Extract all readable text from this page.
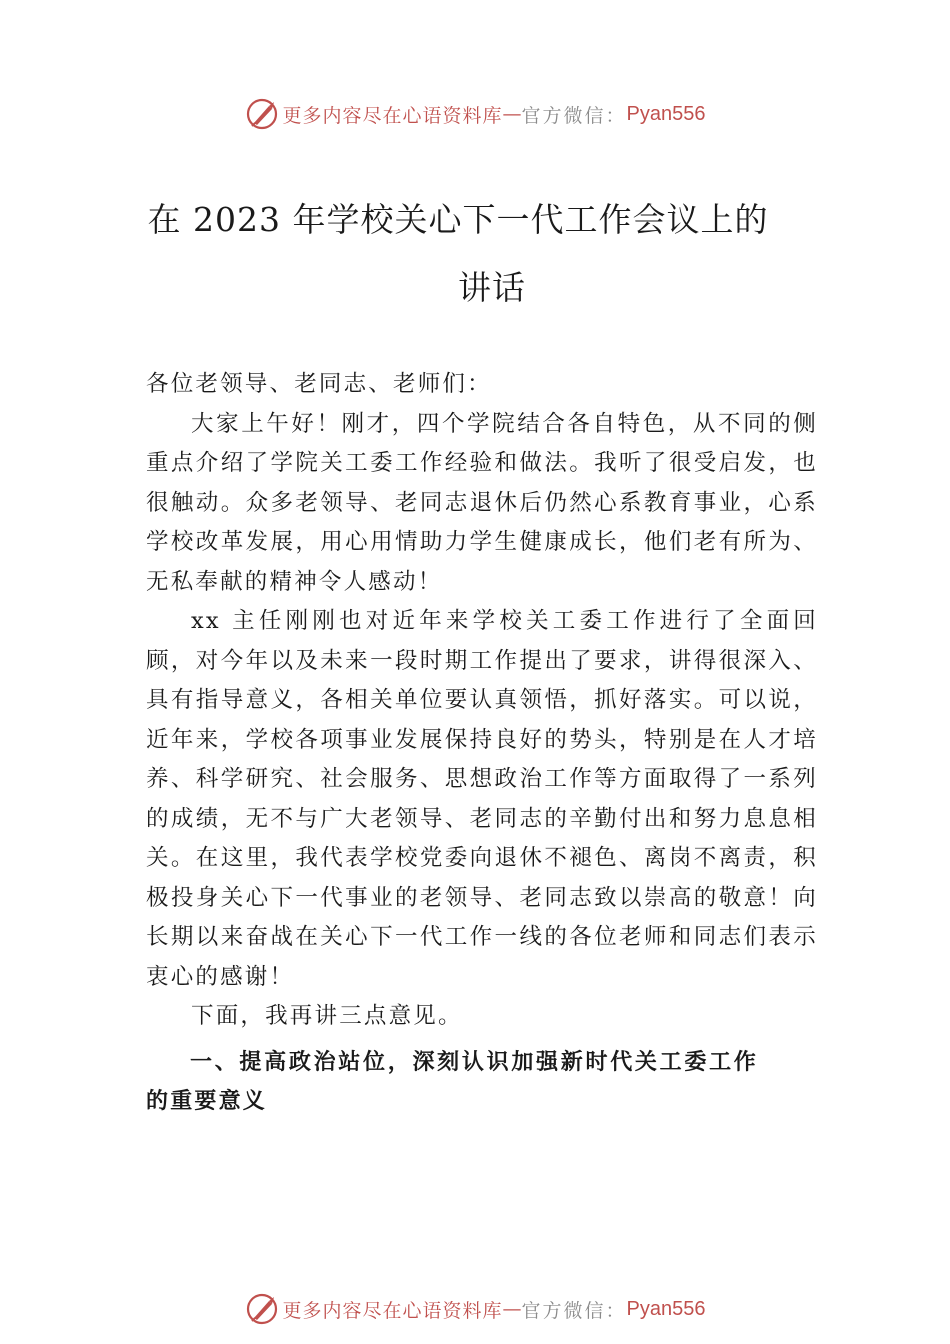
更多内容尽在心语资料库 — 官方微信： Pyan556
在 2023 年学校关心下一代工作会议上的
讲话

各位老领导、老同志、老师们：

大家上午好！刚才，四个学院结合各自特色，从不同的侧重点介绍了学院关工委工作经验和做法。我听了很受启发，也很触动。众多老领导、老同志退休后仍然心系教育事业，心系学校改革发展，用心用情助力学生健康成长，他们老有所为、无私奉献的精神令人感动！

xx 主任刚刚也对近年来学校关工委工作进行了全面回顾，对今年以及未来一段时期工作提出了要求，讲得很深入、具有指导意义，各相关单位要认真领悟，抓好落实。可以说，近年来，学校各项事业发展保持良好的势头，特别是在人才培养、科学研究、社会服务、思想政治工作等方面取得了一系列的成绩，无不与广大老领导、老同志的辛勤付出和努力息息相关。在这里，我代表学校党委向退休不褪色、离岗不离责，积极投身关心下一代事业的老领导、老同志致以崇高的敬意！向长期以来奋战在关心下一代工作一线的各位老师和同志们表示衷心的感谢！

下面，我再讲三点意见。

一、提高政治站位，深刻认识加强新时代关工委工作的重要意义

更多内容尽在心语资料库 — 官方微信： Pyan556
